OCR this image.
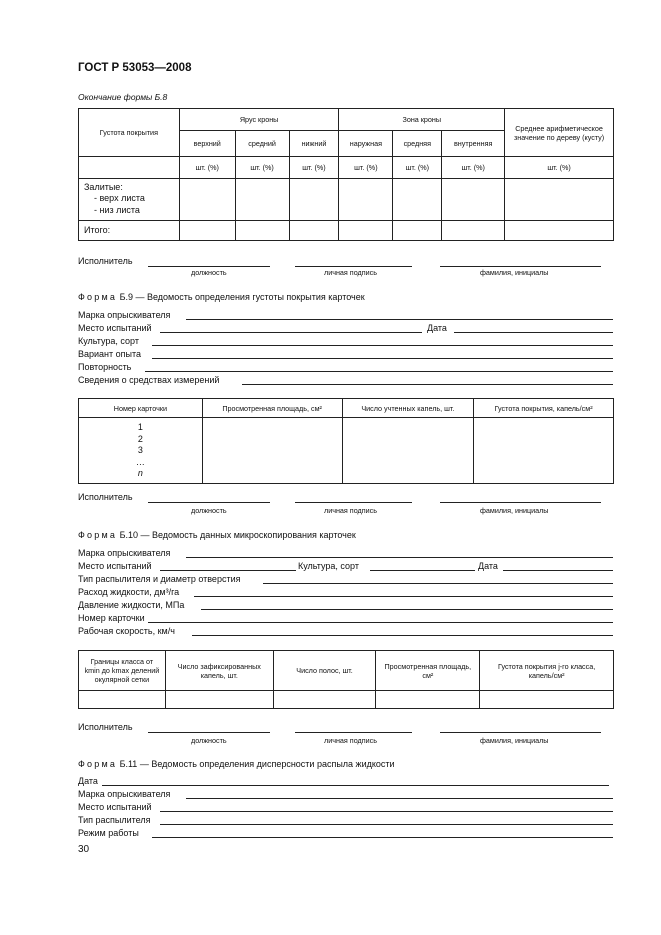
ГОСТ Р 53053—2008
Окончание формы Б.8
Густота покрытия	Ярус кроны			Зона кроны			Среднее арифметическое значение по дереву (кусту)
	верхний	средний	нижний	наружная	средняя	внутренняя	
	шт. (%)	шт. (%)	шт. (%)	шт. (%)	шт. (%)	шт. (%)	шт. (%)

Залитые:
- верх листа
- низ листа							

Итого:							
Исполнитель
должность	личная подпись	фамилия, инициалы
Форма Б.9 — Ведомость определения густоты покрытия карточек
Марка опрыскивателя
Место испытаний	Дата
Культура, сорт
Вариант опыта
Повторность
Сведения о средствах измерений
Номер карточки	Просмотренная площадь, см²	Число учтенных капель, шт.	Густота покрытия, капель/см²

1
2
3
…
n			

Исполнитель
должность	личная подпись	фамилия, инициалы
Форма Б.10 — Ведомость данных микроскопирования карточек
Марка опрыскивателя
Место испытаний	Культура, сорт	Дата
Тип распылителя и диаметр отверстия
Расход жидкости, дм³/га
Давление жидкости, МПа
Номер карточки
Рабочая скорость, км/ч
Границы класса от
kmin до kmax делений
окулярной сетки	Число зафиксированных капель, шт.	Число полос, шт.	Просмотренная площадь, см²	Густота покрытия j-го класса, капель/см²

Исполнитель
должность	личная подпись	фамилия, инициалы
Форма Б.11 — Ведомость определения дисперсности распыла жидкости
Дата
Марка опрыскивателя
Место испытаний
Тип распылителя
Режим работы
30
